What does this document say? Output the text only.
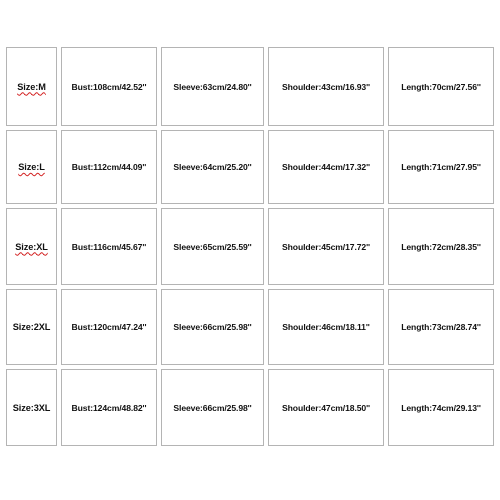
Size:M	Bust:108cm/42.52''	Sleeve:63cm/24.80''	Shoulder:43cm/16.93''	Length:70cm/27.56''
Size:L	Bust:112cm/44.09''	Sleeve:64cm/25.20''	Shoulder:44cm/17.32''	Length:71cm/27.95''
Size:XL	Bust:116cm/45.67''	Sleeve:65cm/25.59''	Shoulder:45cm/17.72''	Length:72cm/28.35''
Size:2XL Bust:120cm/47.24''	Sleeve:66cm/25.98''	Shoulder:46cm/18.11''	Length:73cm/28.74''
Size:3XL Bust:124cm/48.82''	Sleeve:66cm/25.98''	Shoulder:47cm/18.50''	Length:74cm/29.13''
